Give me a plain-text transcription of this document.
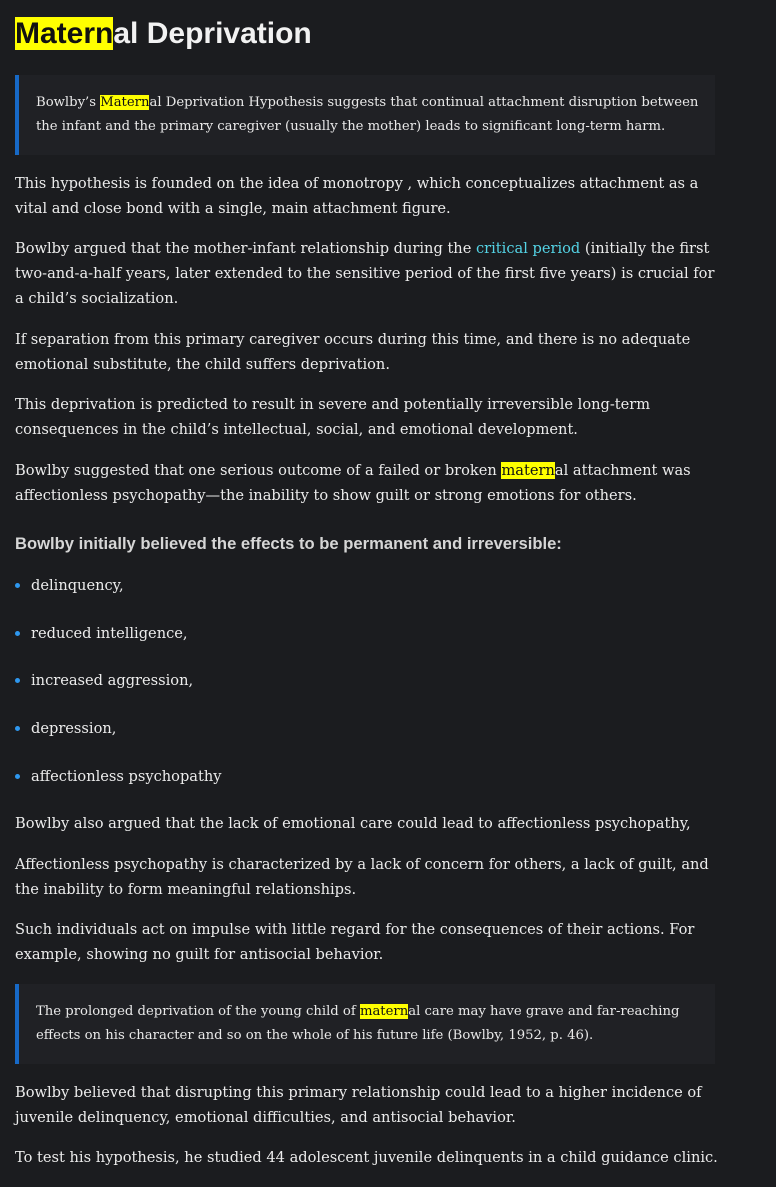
Maternal Deprivation
Bowlby’s Maternal Deprivation Hypothesis suggests that continual attachment disruption between the infant and the primary caregiver (usually the mother) leads to significant long-term harm.

This hypothesis is founded on the idea of monotropy , which conceptualizes attachment as a vital and close bond with a single, main attachment figure.

Bowlby argued that the mother-infant relationship during the critical period (initially the first two-and-a-half years, later extended to the sensitive period of the first five years) is crucial for a child’s socialization.

If separation from this primary caregiver occurs during this time, and there is no adequate emotional substitute, the child suffers deprivation.

This deprivation is predicted to result in severe and potentially irreversible long-term consequences in the child’s intellectual, social, and emotional development.

Bowlby suggested that one serious outcome of a failed or broken maternal attachment was affectionless psychopathy—the inability to show guilt or strong emotions for others.

Bowlby initially believed the effects to be permanent and irreversible:
delinquency,
reduced intelligence,
increased aggression,
depression,
affectionless psychopathy

Bowlby also argued that the lack of emotional care could lead to affectionless psychopathy,

Affectionless psychopathy is characterized by a lack of concern for others, a lack of guilt, and the inability to form meaningful relationships.

Such individuals act on impulse with little regard for the consequences of their actions. For example, showing no guilt for antisocial behavior.

The prolonged deprivation of the young child of maternal care may have grave and far-reaching effects on his character and so on the whole of his future life (Bowlby, 1952, p. 46).

Bowlby believed that disrupting this primary relationship could lead to a higher incidence of juvenile delinquency, emotional difficulties, and antisocial behavior.

To test his hypothesis, he studied 44 adolescent juvenile delinquents in a child guidance clinic.
